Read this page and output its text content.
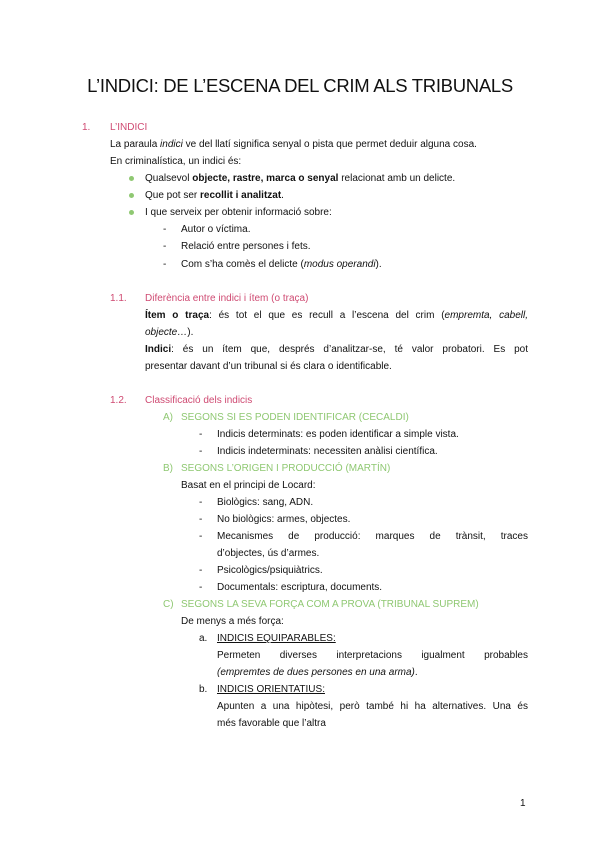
L’INDICI: DE L’ESCENA DEL CRIM ALS TRIBUNALS
1. L’INDICI
La paraula indici ve del llatí significa senyal o pista que permet deduir alguna cosa.
En criminalística, un indici és:
Qualsevol objecte, rastre, marca o senyal relacionat amb un delicte.
Que pot ser recollit i analitzat.
I que serveix per obtenir informació sobre:
- Autor o víctima.
- Relació entre persones i fets.
- Com s’ha comès el delicte (modus operandi).
1.1. Diferència entre indici i ítem (o traça)
Ítem o traça: és tot el que es recull a l’escena del crim (empremta, cabell,
objecte…).
Indici: és un ítem que, després d’analitzar-se, té valor probatori. Es pot
presentar davant d’un tribunal si és clara o identificable.
1.2. Classificació dels indicis
A) SEGONS SI ES PODEN IDENTIFICAR (CECALDI)
- Indicis determinats: es poden identificar a simple vista.
- Indicis indeterminats: necessiten anàlisi científica.
B) SEGONS L’ORIGEN I PRODUCCIÓ (MARTÍN)
Basat en el principi de Locard:
- Biològics: sang, ADN.
- No biològics: armes, objectes.
- Mecanismes de producció: marques de trànsit, traces
d’objectes, ús d’armes.
- Psicològics/psiquiàtrics.
- Documentals: escriptura, documents.
C) SEGONS LA SEVA FORÇA COM A PROVA (TRIBUNAL SUPREM)
De menys a més força:
a. INDICIS EQUIPARABLES:
Permeten diverses interpretacions igualment probables
(empremtes de dues persones en una arma).
b. INDICIS ORIENTATIUS:
Apunten a una hipòtesi, però també hi ha alternatives. Una és
més favorable que l’altra
1
